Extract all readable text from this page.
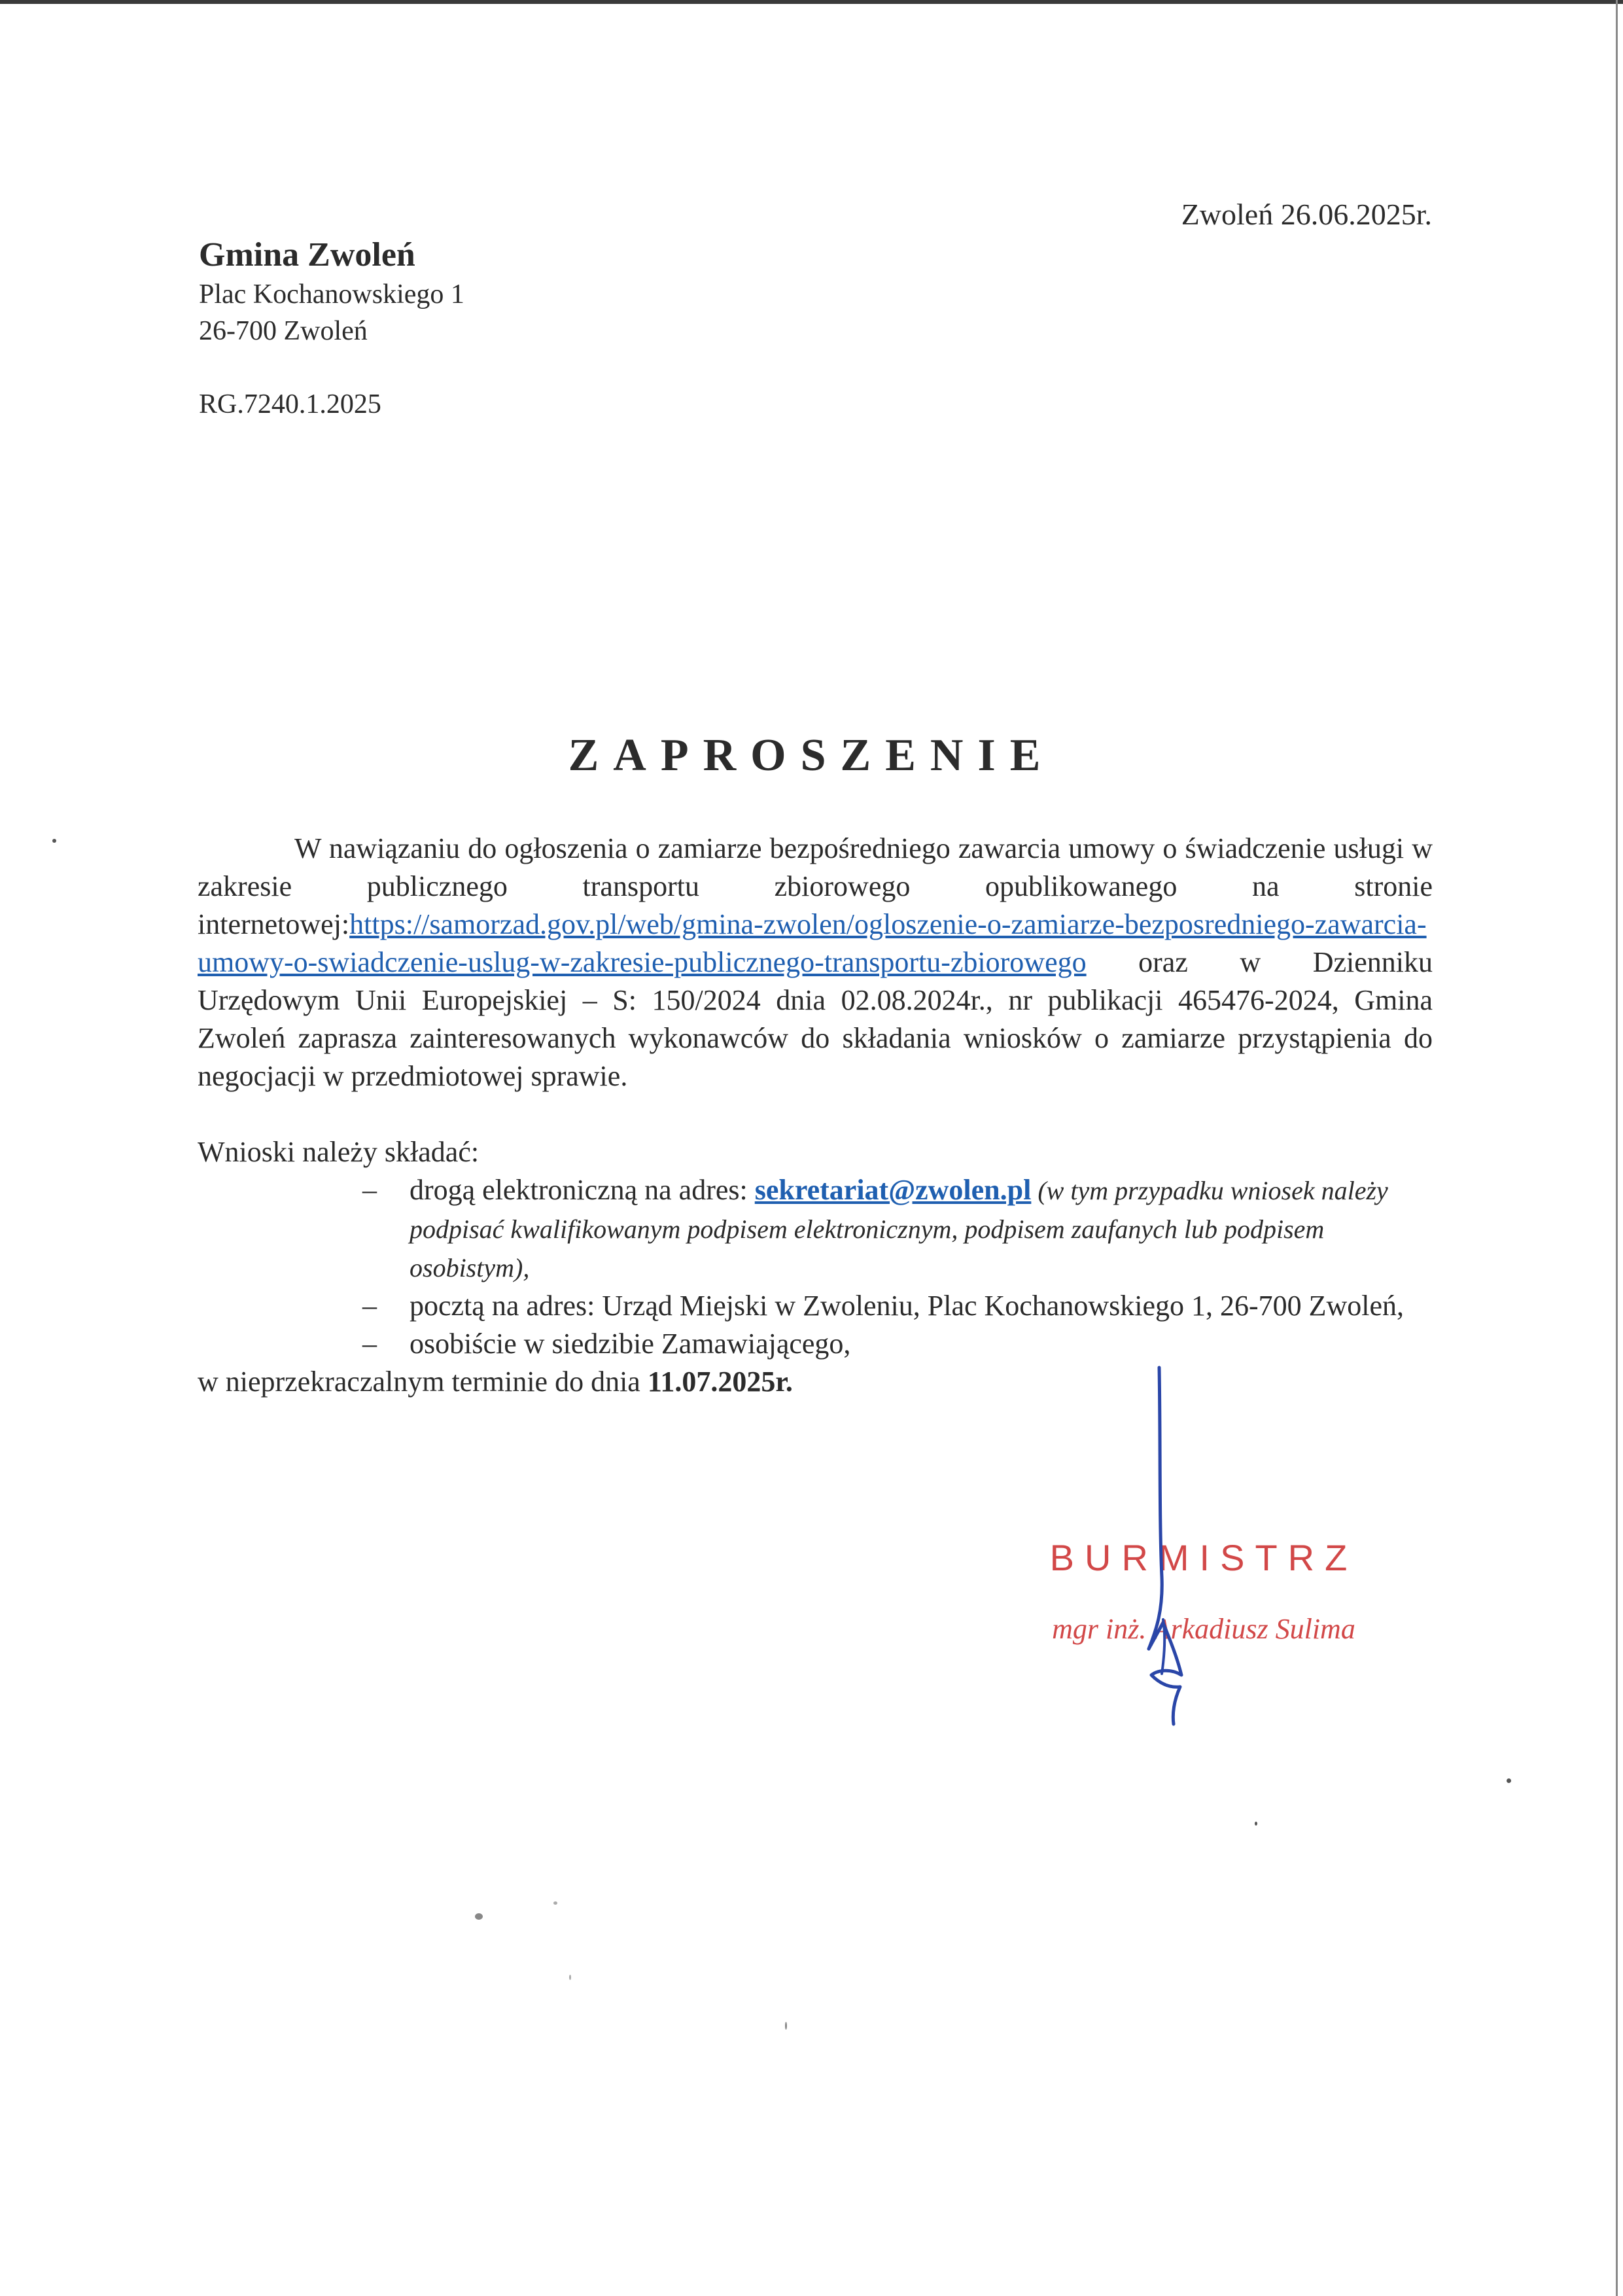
Zwoleń 26.06.2025r.
Gmina Zwoleń
Plac Kochanowskiego 1
26-700 Zwoleń
RG.7240.1.2025
ZAPROSZENIE

W nawiązaniu do ogłoszenia o zamiarze bezpośredniego zawarcia umowy o świadczenie usługi w zakresie publicznego transportu zbiorowego opublikowanego na stronie internetowej:https://samorzad.gov.pl/web/gmina-zwolen/ogloszenie-o-zamiarze-bezposredniego-zawarcia-umowy-o-swiadczenie-uslug-w-zakresie-publicznego-transportu-zbiorowego oraz w Dzienniku Urzędowym Unii Europejskiej – S: 150/2024 dnia 02.08.2024r., nr publikacji 465476-2024, Gmina Zwoleń zaprasza zainteresowanych wykonawców do składania wniosków o zamiarze przystąpienia do negocjacji w przedmiotowej sprawie.

Wnioski należy składać:

– drogą elektroniczną na adres: sekretariat@zwolen.pl (w tym przypadku wniosek należy podpisać kwalifikowanym podpisem elektronicznym, podpisem zaufanych lub podpisem osobistym),
– pocztą na adres: Urząd Miejski w Zwoleniu, Plac Kochanowskiego 1, 26-700 Zwoleń,
– osobiście w siedzibie Zamawiającego,

w nieprzekraczalnym terminie do dnia 11.07.2025r.

BURMISTRZ
mgr inż. Arkadiusz Sulima
